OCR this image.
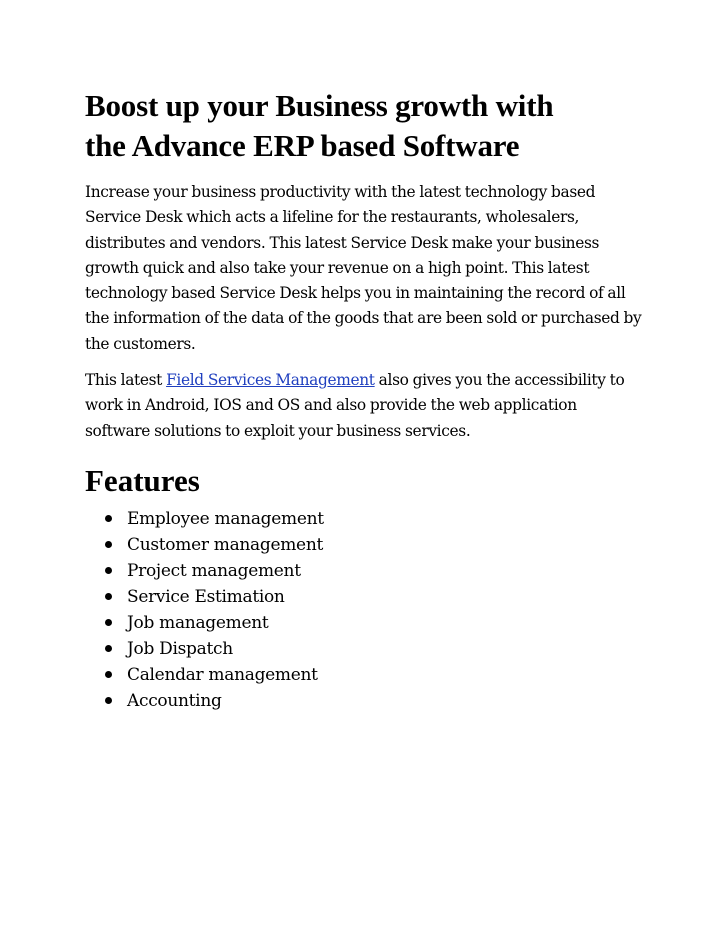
Boost up your Business growth with
the Advance ERP based Software

Increase your business productivity with the latest technology based Service Desk which acts a lifeline for the restaurants, wholesalers, distributes and vendors. This latest Service Desk make your business growth quick and also take your revenue on a high point. This latest technology based Service Desk helps you in maintaining the record of all the information of the data of the goods that are been sold or purchased by the customers.

This latest Field Services Management also gives you the accessibility to work in Android, IOS and OS and also provide the web application software solutions to exploit your business services.

Features
Employee management
Customer management
Project management
Service Estimation
Job management
Job Dispatch
Calendar management
Accounting
